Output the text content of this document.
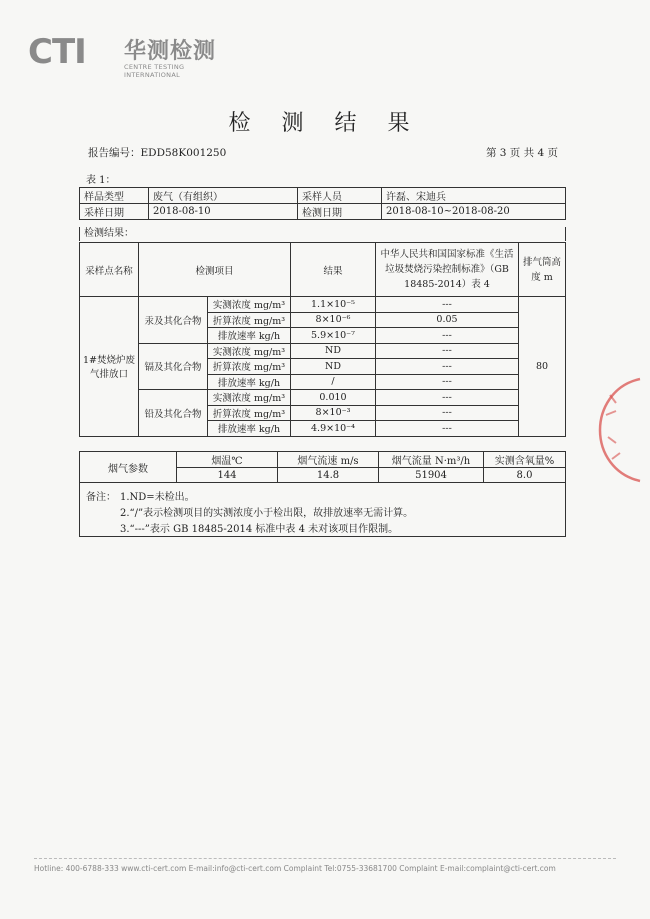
CTI 华测检测
CENTRE TESTING INTERNATIONAL
检 测 结 果
报告编号：EDD58K001250	第 3 页 共 4 页
表 1：
样品类型	废气（有组织）	采样人员	许磊、宋迪兵
采样日期	2018-08-10	检测日期	2018-08-10~2018-08-20
检测结果：
采样点名称	检测项目		结果	中华人民共和国国家标准《生活垃圾焚烧污染控制标准》（GB 18485-2014）表 4	排气筒高度 m
1#焚烧炉废气排放口	汞及其化合物	实测浓度 mg/m³	1.1×10⁻⁵	---	80
		折算浓度 mg/m³	8×10⁻⁶	0.05	
		排放速率 kg/h	5.9×10⁻⁷	---	
	镉及其化合物	实测浓度 mg/m³	ND	---	
		折算浓度 mg/m³	ND	---	
		排放速率 kg/h	/	---	
	铅及其化合物	实测浓度 mg/m³	0.010	---	
		折算浓度 mg/m³	8×10⁻³	---	
		排放速率 kg/h	4.9×10⁻⁴	---	
烟气参数	烟温℃	烟气流速 m/s	烟气流量 N·m³/h	实测含氧量%
	144	14.8	51904	8.0
备注： 1.ND=未检出。
2.“/”表示检测项目的实测浓度小于检出限，故排放速率无需计算。
3.“---”表示 GB 18485-2014 标准中表 4 未对该项目作限制。
Hotline: 400-6788-333 www.cti-cert.com E-mail:info@cti-cert.com Complaint Tel:0755-33681700 Complaint E-mail:complaint@cti-cert.com
